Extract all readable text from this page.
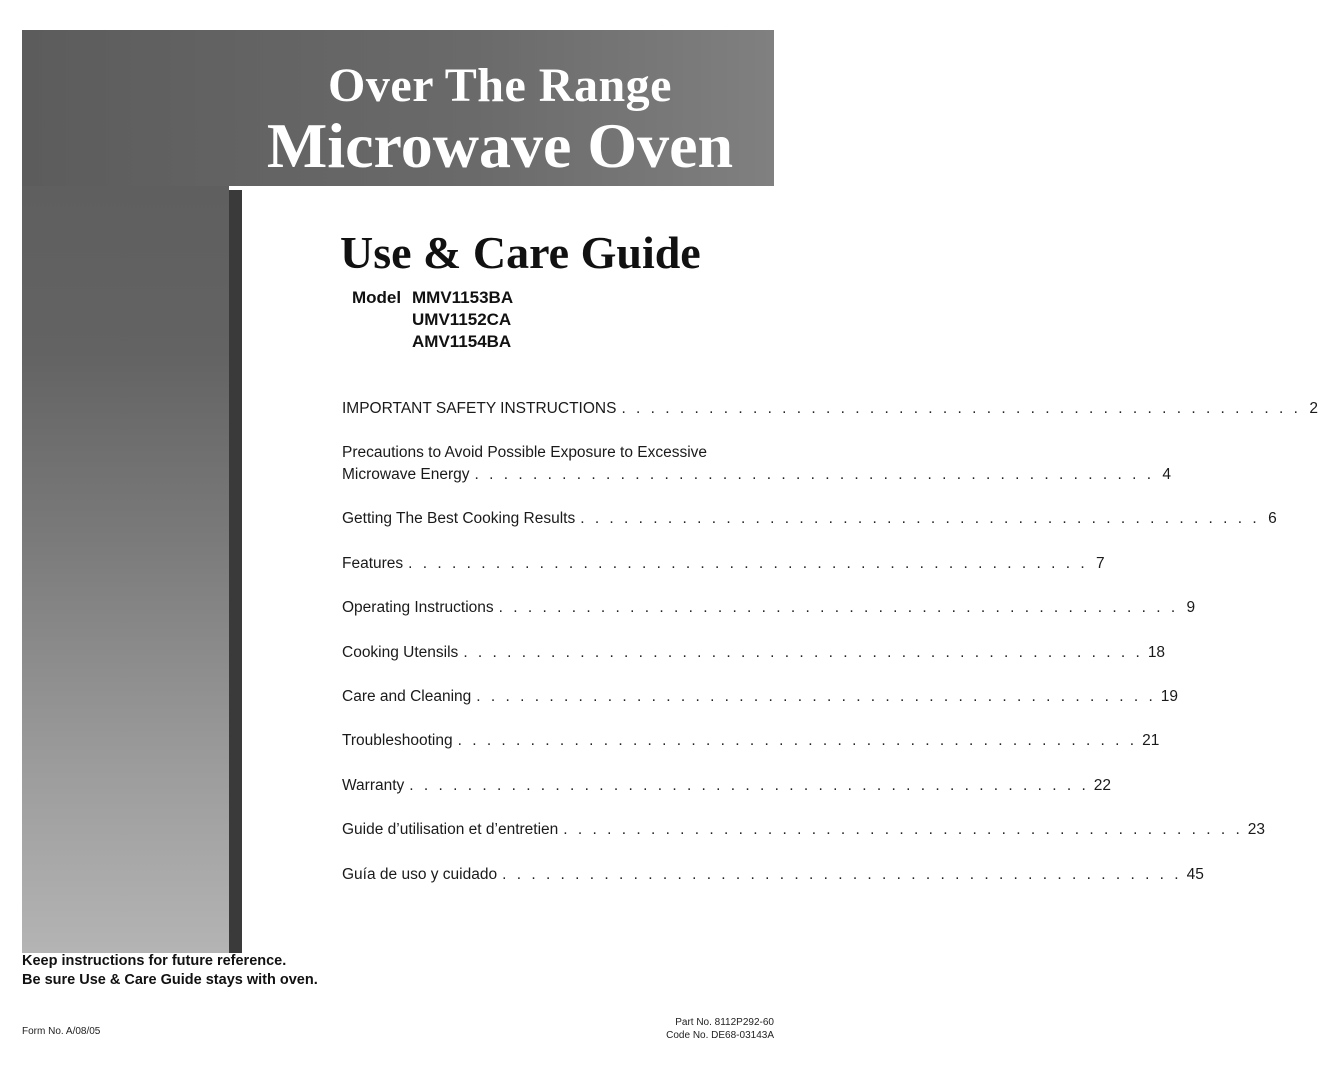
Over The Range
Microwave Oven
Use & Care Guide
Model MMV1153BA
UMV1152CA
AMV1154BA
IMPORTANT SAFETY INSTRUCTIONS . . . . . . . . . . . . . . . . . . . . . . . . . . . . . . . . . . . . . . . . . . . . . . . 2
Precautions to Avoid Possible Exposure to Excessive
Microwave Energy . . . . . . . . . . . . . . . . . . . . . . . . . . . . . . . . . . . . . . . . . . . . . . . 4
Getting The Best Cooking Results . . . . . . . . . . . . . . . . . . . . . . . . . . . . . . . . . . . . . . . . . . . . . . . 6
Features . . . . . . . . . . . . . . . . . . . . . . . . . . . . . . . . . . . . . . . . . . . . . . . 7
Operating Instructions . . . . . . . . . . . . . . . . . . . . . . . . . . . . . . . . . . . . . . . . . . . . . . . 9
Cooking Utensils . . . . . . . . . . . . . . . . . . . . . . . . . . . . . . . . . . . . . . . . . . . . . . . 18
Care and Cleaning . . . . . . . . . . . . . . . . . . . . . . . . . . . . . . . . . . . . . . . . . . . . . . . 19
Troubleshooting . . . . . . . . . . . . . . . . . . . . . . . . . . . . . . . . . . . . . . . . . . . . . . . 21
Warranty . . . . . . . . . . . . . . . . . . . . . . . . . . . . . . . . . . . . . . . . . . . . . . . 22
Guide d’utilisation et d’entretien . . . . . . . . . . . . . . . . . . . . . . . . . . . . . . . . . . . . . . . . . . . . . . . 23
Guía de uso y cuidado . . . . . . . . . . . . . . . . . . . . . . . . . . . . . . . . . . . . . . . . . . . . . . . 45
Keep instructions for future reference.
Be sure Use & Care Guide stays with oven.
Form No. A/08/05
Part No. 8112P292-60
Code No. DE68-03143A
